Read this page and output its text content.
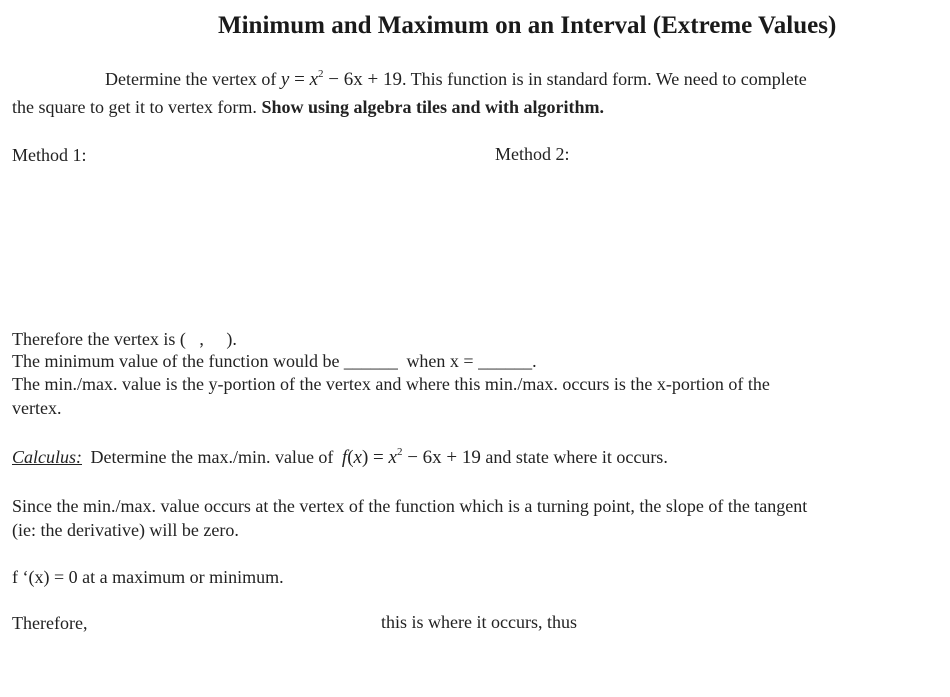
Minimum and Maximum on an Interval (Extreme Values)
Determine the vertex of $y = x^2 - 6x + 19$. This function is in standard form. We need to complete
the square to get it to vertex form. Show using algebra tiles and with algorithm.
Method 1:	Method 2:
Therefore the vertex is (   ,     ).
The minimum value of the function would be ______ when x = ______.
The min./max. value is the y-portion of the vertex and where this min./max. occurs is the x-portion of the
vertex.
Calculus: Determine the max./min. value of $f(x) = x^2 - 6x + 19$ and state where it occurs.
Since the min./max. value occurs at the vertex of the function which is a turning point, the slope of the tangent
(ie: the derivative) will be zero.
f ‘(x) = 0 at a maximum or minimum.
Therefore,	this is where it occurs, thus
